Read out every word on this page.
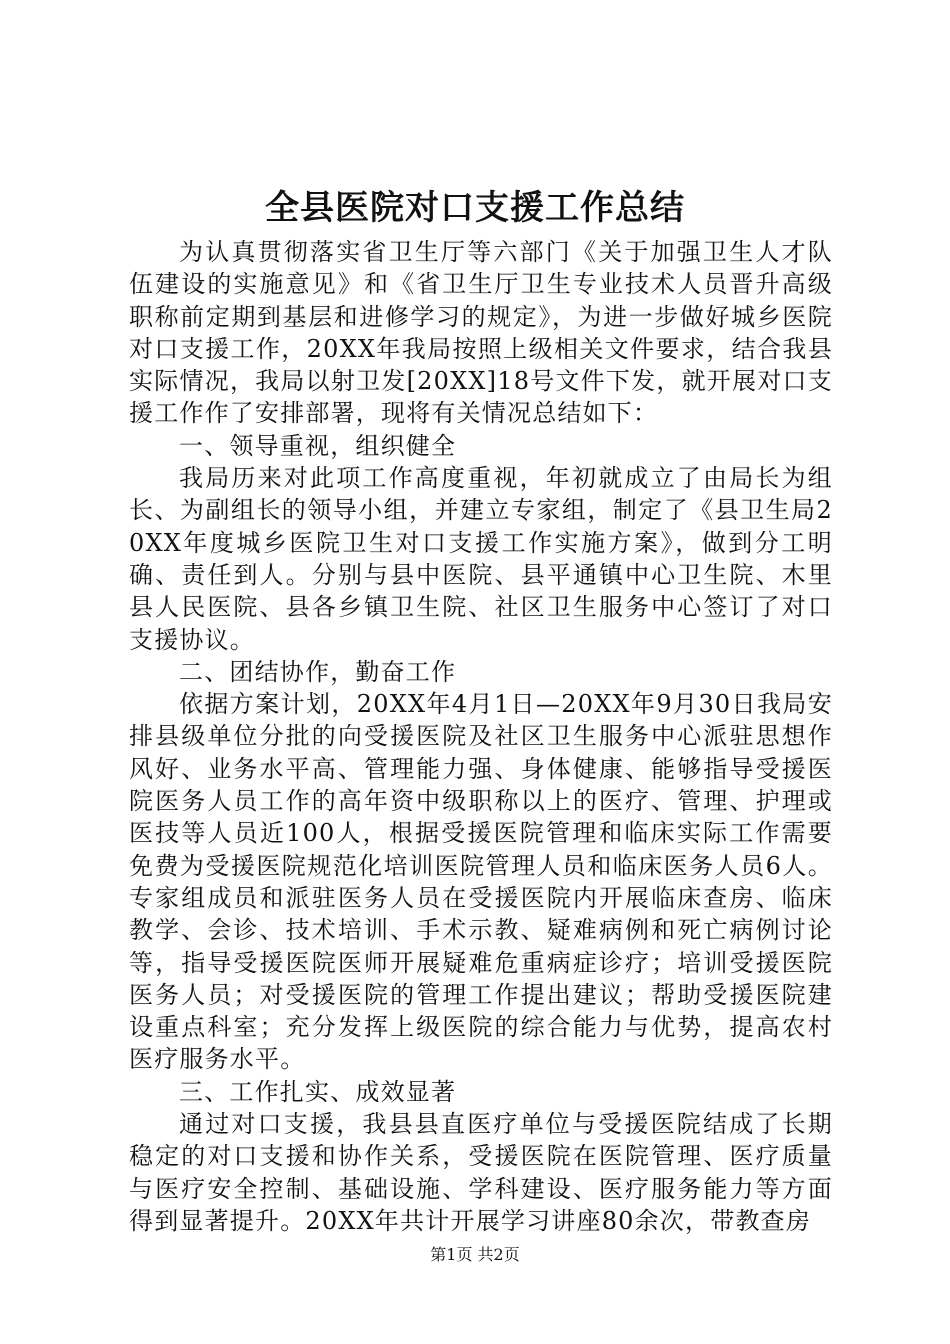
全县医院对口支援工作总结

为认真贯彻落实省卫生厅等六部门《关于加强卫生人才队伍建设的实施意见》和《省卫生厅卫生专业技术人员晋升高级职称前定期到基层和进修学习的规定》，为进一步做好城乡医院对口支援工作，20XX年我局按照上级相关文件要求，结合我县实际情况，我局以射卫发[20XX]18号文件下发，就开展对口支援工作作了安排部署，现将有关情况总结如下：

一、领导重视，组织健全

我局历来对此项工作高度重视，年初就成立了由局长为组长、为副组长的领导小组，并建立专家组，制定了《县卫生局20XX年度城乡医院卫生对口支援工作实施方案》，做到分工明确、责任到人。分别与县中医院、县平通镇中心卫生院、木里县人民医院、县各乡镇卫生院、社区卫生服务中心签订了对口支援协议。

二、团结协作，勤奋工作

依据方案计划，20XX年4月1日—20XX年9月30日我局安排县级单位分批的向受援医院及社区卫生服务中心派驻思想作风好、业务水平高、管理能力强、身体健康、能够指导受援医院医务人员工作的高年资中级职称以上的医疗、管理、护理或医技等人员近100人，根据受援医院管理和临床实际工作需要免费为受援医院规范化培训医院管理人员和临床医务人员6人。专家组成员和派驻医务人员在受援医院内开展临床查房、临床教学、会诊、技术培训、手术示教、疑难病例和死亡病例讨论等，指导受援医院医师开展疑难危重病症诊疗；培训受援医院医务人员；对受援医院的管理工作提出建议；帮助受援医院建设重点科室；充分发挥上级医院的综合能力与优势，提高农村医疗服务水平。

三、工作扎实、成效显著

通过对口支援，我县县直医疗单位与受援医院结成了长期稳定的对口支援和协作关系，受援医院在医院管理、医疗质量与医疗安全控制、基础设施、学科建设、医疗服务能力等方面得到显著提升。20XX年共计开展学习讲座80余次，带教查房

第1页 共2页
